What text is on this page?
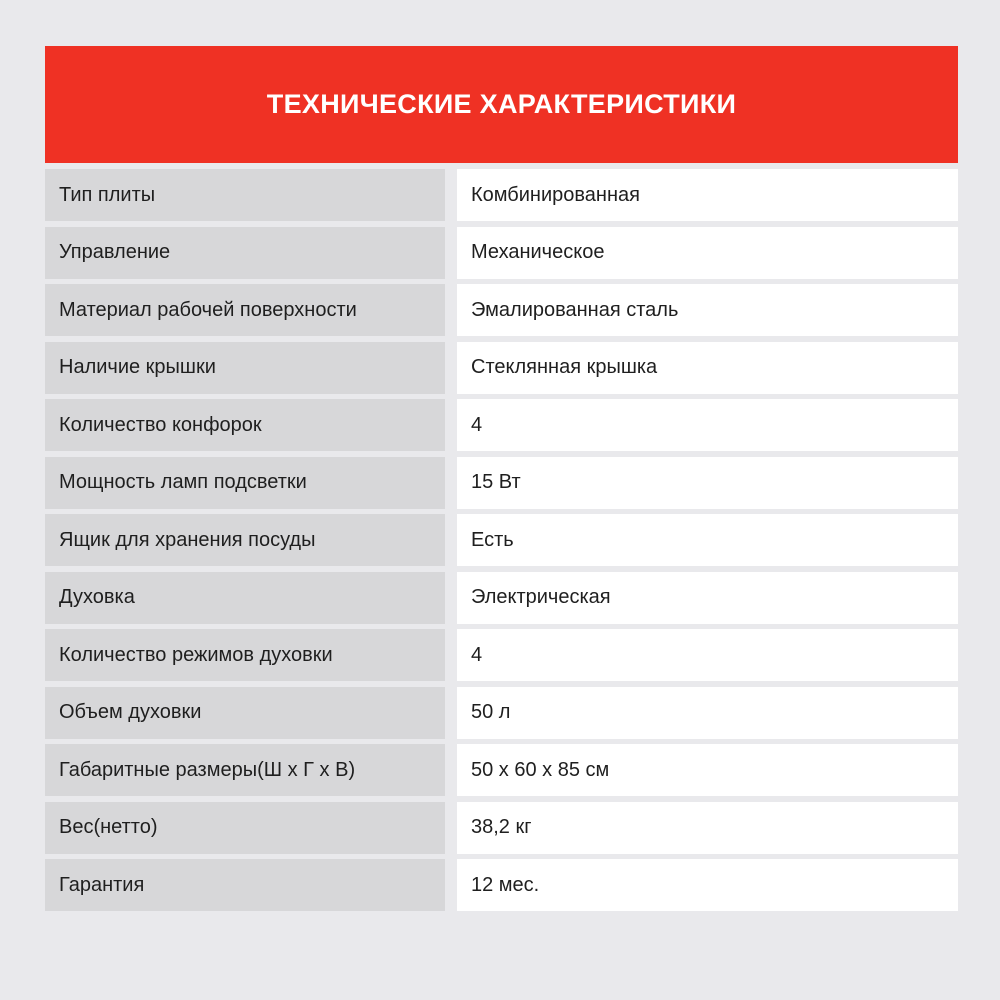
ТЕХНИЧЕСКИЕ ХАРАКТЕРИСТИКИ
Тип плиты	Комбинированная
Управление	Механическое
Материал рабочей поверхности	Эмалированная сталь
Наличие крышки	Стеклянная крышка
Количество конфорок	4
Мощность ламп подсветки	15 Вт
Ящик для хранения посуды	Есть
Духовка	Электрическая
Количество режимов духовки	4
Объем духовки	50 л
Габаритные размеры(Ш х Г х В)	50 х 60 х 85 см
Вес(нетто)	38,2 кг
Гарантия	12 мес.
